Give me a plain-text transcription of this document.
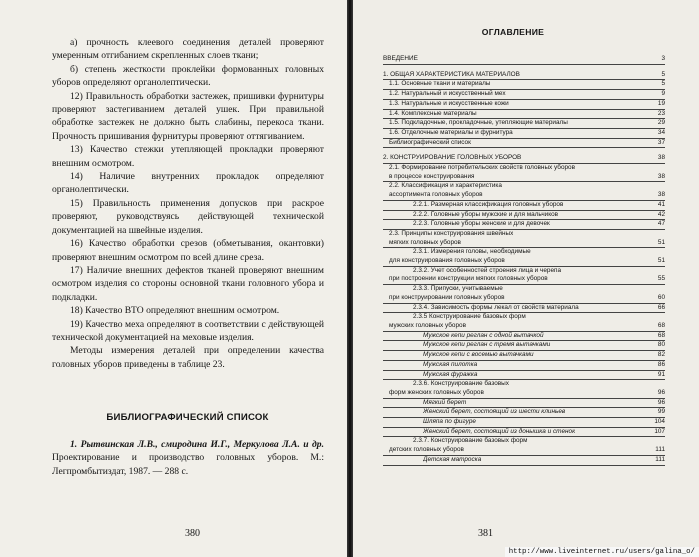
а) прочность клеевого соединения деталей проверяют умеренным отгибанием скрепленных слоев ткани;

б) степень жесткости проклейки формованных головных уборов определяют органолептически.

12) Правильность обработки застежек, пришивки фурнитуры проверяют застегиванием деталей ушек. При правильной обработке застежек не должно быть слабины, перекоса ткани. Прочность пришивания фурнитуры проверяют оттягиванием.

13) Качество стежки утепляющей прокладки проверяют внешним осмотром.

14) Наличие внутренних прокладок определяют органолептически.

15) Правильность применения допусков при раскрое проверяют, руководствуясь действующей технической документацией на швейные изделия.

16) Качество обработки срезов (обметывания, окантовки) проверяют внешним осмотром по всей длине среза.

17) Наличие внешних дефектов тканей проверяют внешним осмотром изделия со стороны основной ткани головного убора и подкладки.

18) Качество ВТО определяют внешним осмотром.

19) Качество меха определяют в соответствии с действующей технической документацией на меховые изделия.

Методы измерения деталей при определении качества головных уборов приведены в таблице 23.

БИБЛИОГРАФИЧЕСКИЙ СПИСОК

1. Рытвинская Л.В., смиродина И.Г., Меркулова Л.А. и др. Проектирование и производство головных уборов. М.: Легпромбытиздат, 1987. — 288 с.

380

ОГЛАВЛЕНИЕ
ВВЕДЕНИЕ	3
1. ОБЩАЯ ХАРАКТЕРИСТИКА МАТЕРИАЛОВ	5
1.1. Основные ткани и материалы	5
1.2. Натуральный и искусственный мех	9
1.3. Натуральные и искусственные кожи	19
1.4. Комплексные материалы	23
1.5. Подкладочные, прокладочные, утепляющие материалы	29
1.6. Отделочные материалы и фурнитура	34
Библиографический список	37
2. КОНСТРУИРОВАНИЕ ГОЛОВНЫХ УБОРОВ	38
2.1. Формирование потребительских свойств головных уборов
в процессе конструирования	38
2.2. Классификация и характеристика
ассортимента головных уборов	38
2.2.1. Размерная классификация головных уборов	41
2.2.2. Головные уборы мужские и для мальчиков	42
2.2.3. Головные уборы женские и для девочек	47
2.3. Принципы конструирования швейных
мягких головных уборов	51
2.3.1. Измерения головы, необходимые
для конструирования головных уборов	51
2.3.2. Учет особенностей строения лица и черепа
при построении конструкции мягких головных уборов	55
2.3.3. Припуски, учитываемые
при конструировании головных уборов	60
2.3.4. Зависимость формы лекал от свойств материала	66
2.3.5 Конструирование базовых форм
мужских головных уборов	68
Мужское кепи реглан с одной вытачкой	68
Мужское кепи реглан с тремя вытачками	80
Мужское кепи с восемью вытачками	82
Мужская пилотка	86
Мужская фуражка	91
2.3.6. Конструирование базовых
форм женских головных уборов	96
Мягкий берет	96
Женский берет, состоящий из шести клиньев	99
Шляпа по фигуре	104
Женский берет, состоящий из донышка и стенок	107
2.3.7. Конструирование базовых форм
детских головных уборов	111
Детская матроска	111
381
http://www.liveinternet.ru/users/galina_o/
